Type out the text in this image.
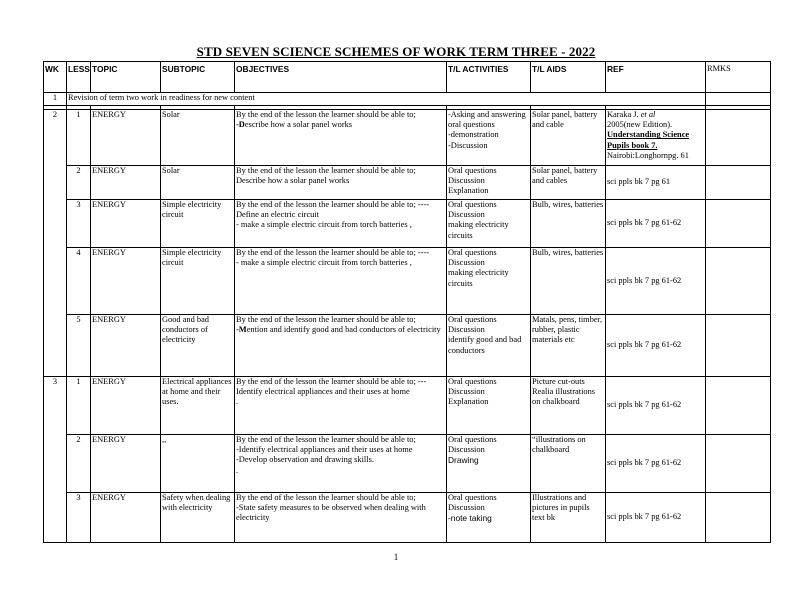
STD SEVEN SCIENCE SCHEMES OF WORK TERM THREE - 2022
WK	LESS	TOPIC	SUBTOPIC	OBJECTIVES	T/L ACTIVITIES	T/L AIDS	REF	RMKS
1	Revision of term two work in readiness for new content							

2	1	ENERGY	Solar	By the end of the lesson the learner should be able to;
-Describe how a solar panel works	-Asking and answering oral questions
-demonstration
-Discussion	Solar panel, battery and cable	Karaka J. et al
2005(new Edition).
Understanding Science Pupils book 7.
Nairobi:Longhornpg. 61	

	2	ENERGY	Solar	By the end of the lesson the learner should be able to;
Describe how a solar panel works	Oral questions
Discussion
Explanation	Solar panel, battery and cables	sci ppls bk 7 pg 61	
	3	ENERGY	Simple electricity circuit	By the end of the lesson the learner should be able to; ----Define an electric circuit
- make a simple electric circuit from torch batteries ,	Oral questions
Discussion
making electricity circuits	Bulb, wires, batteries	sci ppls bk 7 pg 61-62	
	4	ENERGY	Simple electricity circuit	By the end of the lesson the learner should be able to; ----
- make a simple electric circuit from torch batteries ,	Oral questions
Discussion
making electricity circuits	Bulb, wires, batteries	sci ppls bk 7 pg 61-62	
	5	ENERGY	Good and bad conductors of electricity	By the end of the lesson the learner should be able to;
-Mention and identify good and bad conductors of electricity	Oral questions
Discussion
identify good and bad conductors	Matals, pens, timber, rubber, plastic materials etc	sci ppls bk 7 pg 61-62	
3	1	ENERGY	Electrical appliances at home and their uses.	By the end of the lesson the learner should be able to; ---Identify electrical appliances and their uses at home
.	Oral questions
Discussion
Explanation	Picture cut-outs Realia illustrations on chalkboard	sci ppls bk 7 pg 61-62	
	2	ENERGY	,,	By the end of the lesson the learner should be able to;
-Identify electrical appliances and their uses at home
-Develop observation and drawing skills.
.	Oral questions
Discussion
Drawing	“illustrations on chalkboard	sci ppls bk 7 pg 61-62	
	3	ENERGY	Safety when dealing with electricity	By the end of the lesson the learner should be able to;
-State safety measures to be observed when dealing with electricity	Oral questions
Discussion
-note taking	Illustrations and pictures in pupils text bk	sci ppls bk 7 pg 61-62	
1
